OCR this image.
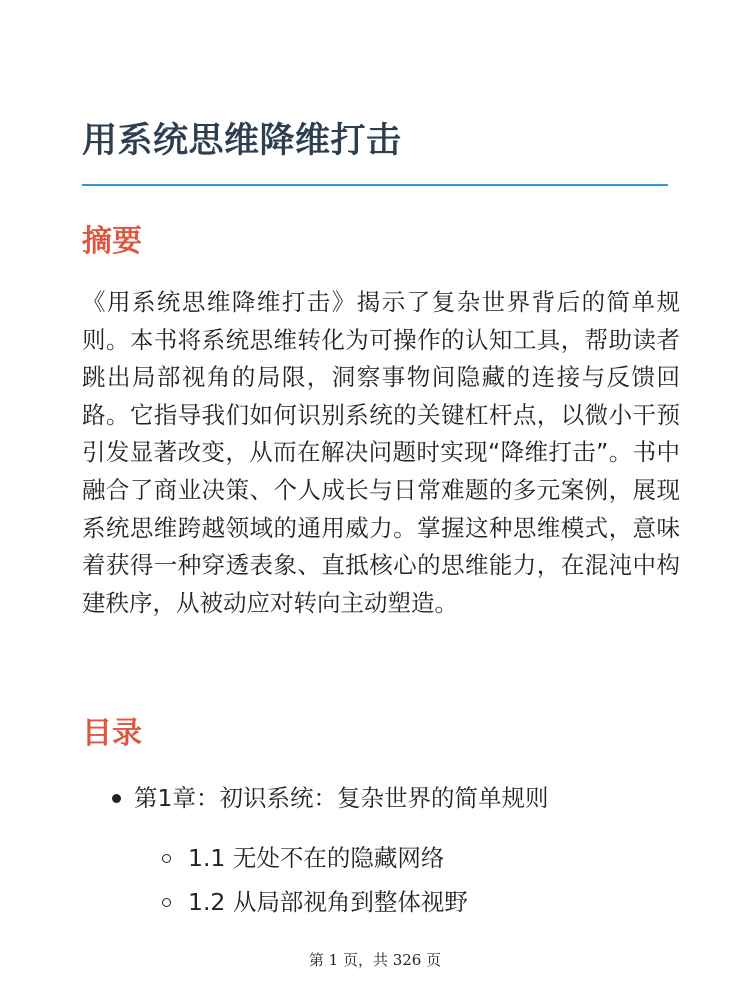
用系统思维降维打击
摘要

《用系统思维降维打击》揭示了复杂世界背后的简单规则。本书将系统思维转化为可操作的认知工具，帮助读者跳出局部视角的局限，洞察事物间隐藏的连接与反馈回路。它指导我们如何识别系统的关键杠杆点，以微小干预引发显著改变，从而在解决问题时实现“降维打击”。书中融合了商业决策、个人成长与日常难题的多元案例，展现系统思维跨越领域的通用威力。掌握这种思维模式，意味着获得一种穿透表象、直抵核心的思维能力，在混沌中构建秩序，从被动应对转向主动塑造。

目录
第1章：初识系统：复杂世界的简单规则
1.1 无处不在的隐藏网络
1.2 从局部视角到整体视野
第 1 页，共 326 页
